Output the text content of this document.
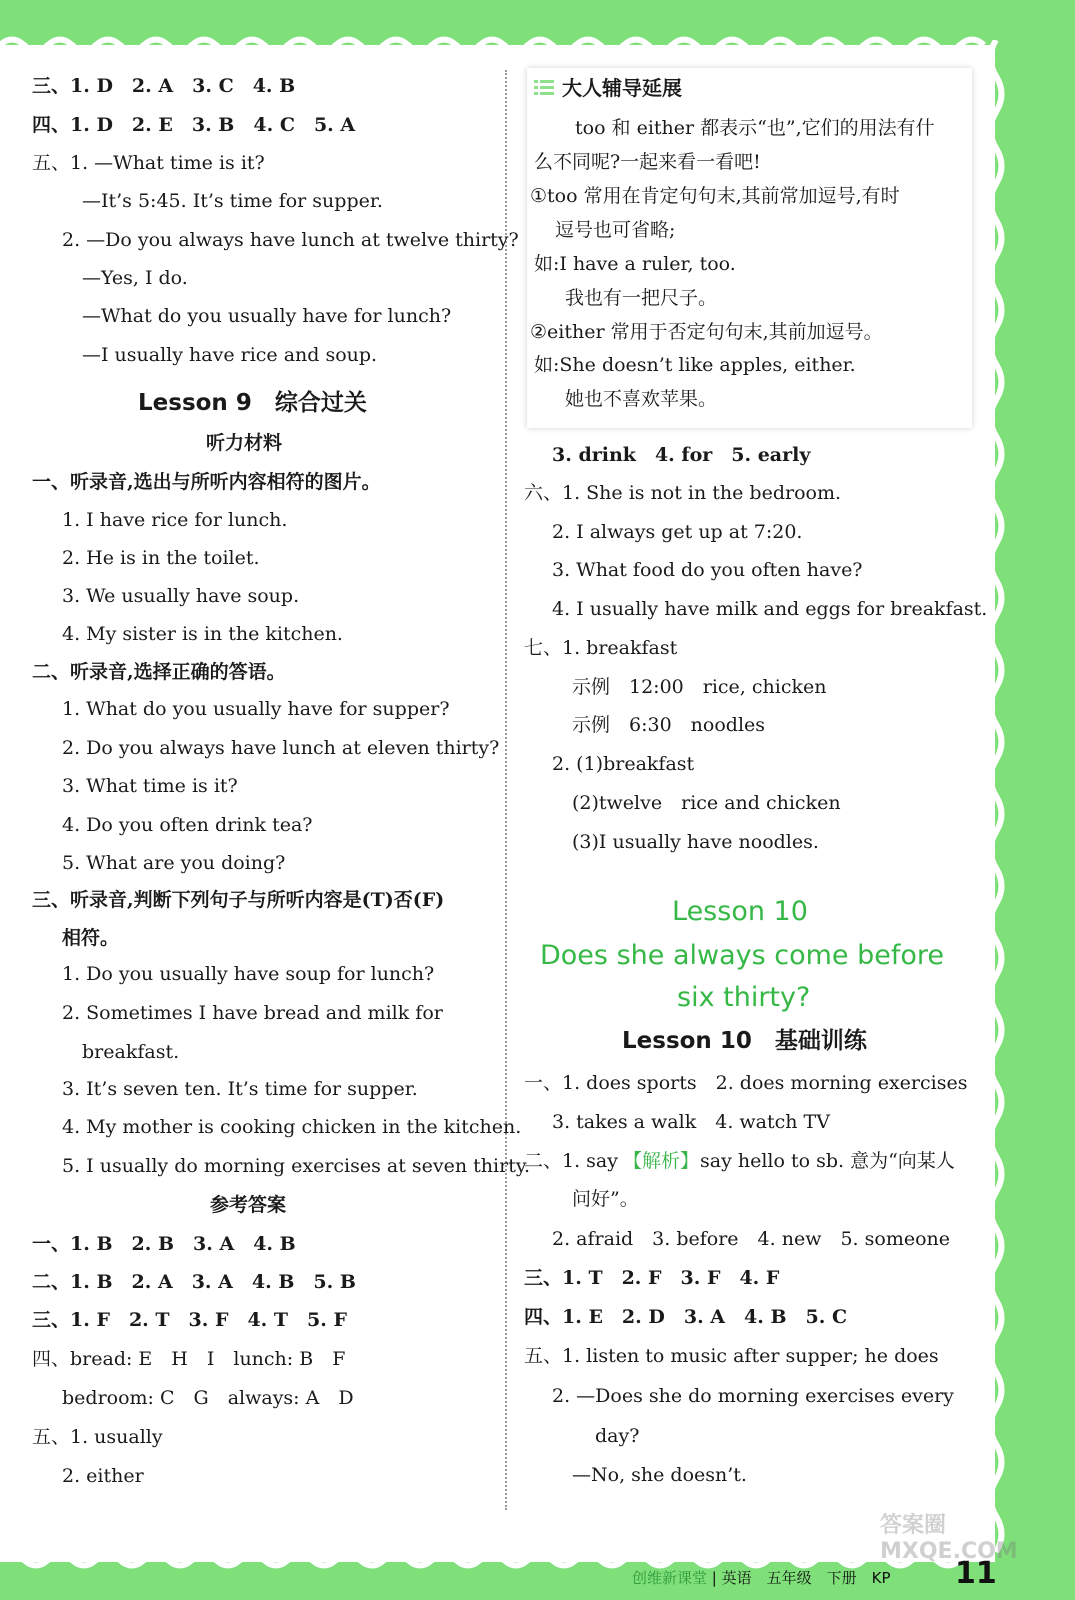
三、1. D　2. A　3. C　4. B
四、1. D　2. E　3. B　4. C　5. A
五、1. —What time is it?
—It’s 5:45. It’s time for supper.
2. —Do you always have lunch at twelve thirty?
—Yes, I do.
—What do you usually have for lunch?
—I usually have rice and soup.
Lesson 9　综合过关
听力材料
一、听录音,选出与所听内容相符的图片。
1. I have rice for lunch.
2. He is in the toilet.
3. We usually have soup.
4. My sister is in the kitchen.
二、听录音,选择正确的答语。
1. What do you usually have for supper?
2. Do you always have lunch at eleven thirty?
3. What time is it?
4. Do you often drink tea?
5. What are you doing?
三、听录音,判断下列句子与所听内容是(T)否(F)
相符。
1. Do you usually have soup for lunch?
2. Sometimes I have bread and milk for
breakfast.
3. It’s seven ten. It’s time for supper.
4. My mother is cooking chicken in the kitchen.
5. I usually do morning exercises at seven thirty.
参考答案
一、1. B　2. B　3. A　4. B
二、1. B　2. A　3. A　4. B　5. B
三、1. F　2. T　3. F　4. T　5. F
四、bread: E　H　I　lunch: B　F
bedroom: C　G　always: A　D
五、1. usually
2. either
大人辅导延展
too 和 either 都表示“也”,它们的用法有什
么不同呢?一起来看一看吧!
①too 常用在肯定句句末,其前常加逗号,有时
逗号也可省略;
如:I have a ruler, too.
我也有一把尺子。
②either 常用于否定句句末,其前加逗号。
如:She doesn’t like apples, either.
她也不喜欢苹果。
3. drink　4. for　5. early
六、1. She is not in the bedroom.
2. I always get up at 7:20.
3. What food do you often have?
4. I usually have milk and eggs for breakfast.
七、1. breakfast
示例　12:00　rice, chicken
示例　6:30　noodles
2. (1)breakfast
(2)twelve　rice and chicken
(3)I usually have noodles.
Lesson 10
Does she always come before
six thirty?
Lesson 10　基础训练
一、1. does sports　2. does morning exercises
3. takes a walk　4. watch TV
二、1. say 【解析】 say hello to sb. 意为“向某人
问好”。
2. afraid　3. before　4. new　5. someone
三、1. T　2. F　3. F　4. F
四、1. E　2. D　3. A　4. B　5. C
五、1. listen to music after supper; he does
2. —Does she do morning exercises every
day?
—No, she doesn’t.
创维新课堂 | 英语　五年级　下册　KP 11
答案圈 MXQE.COM
